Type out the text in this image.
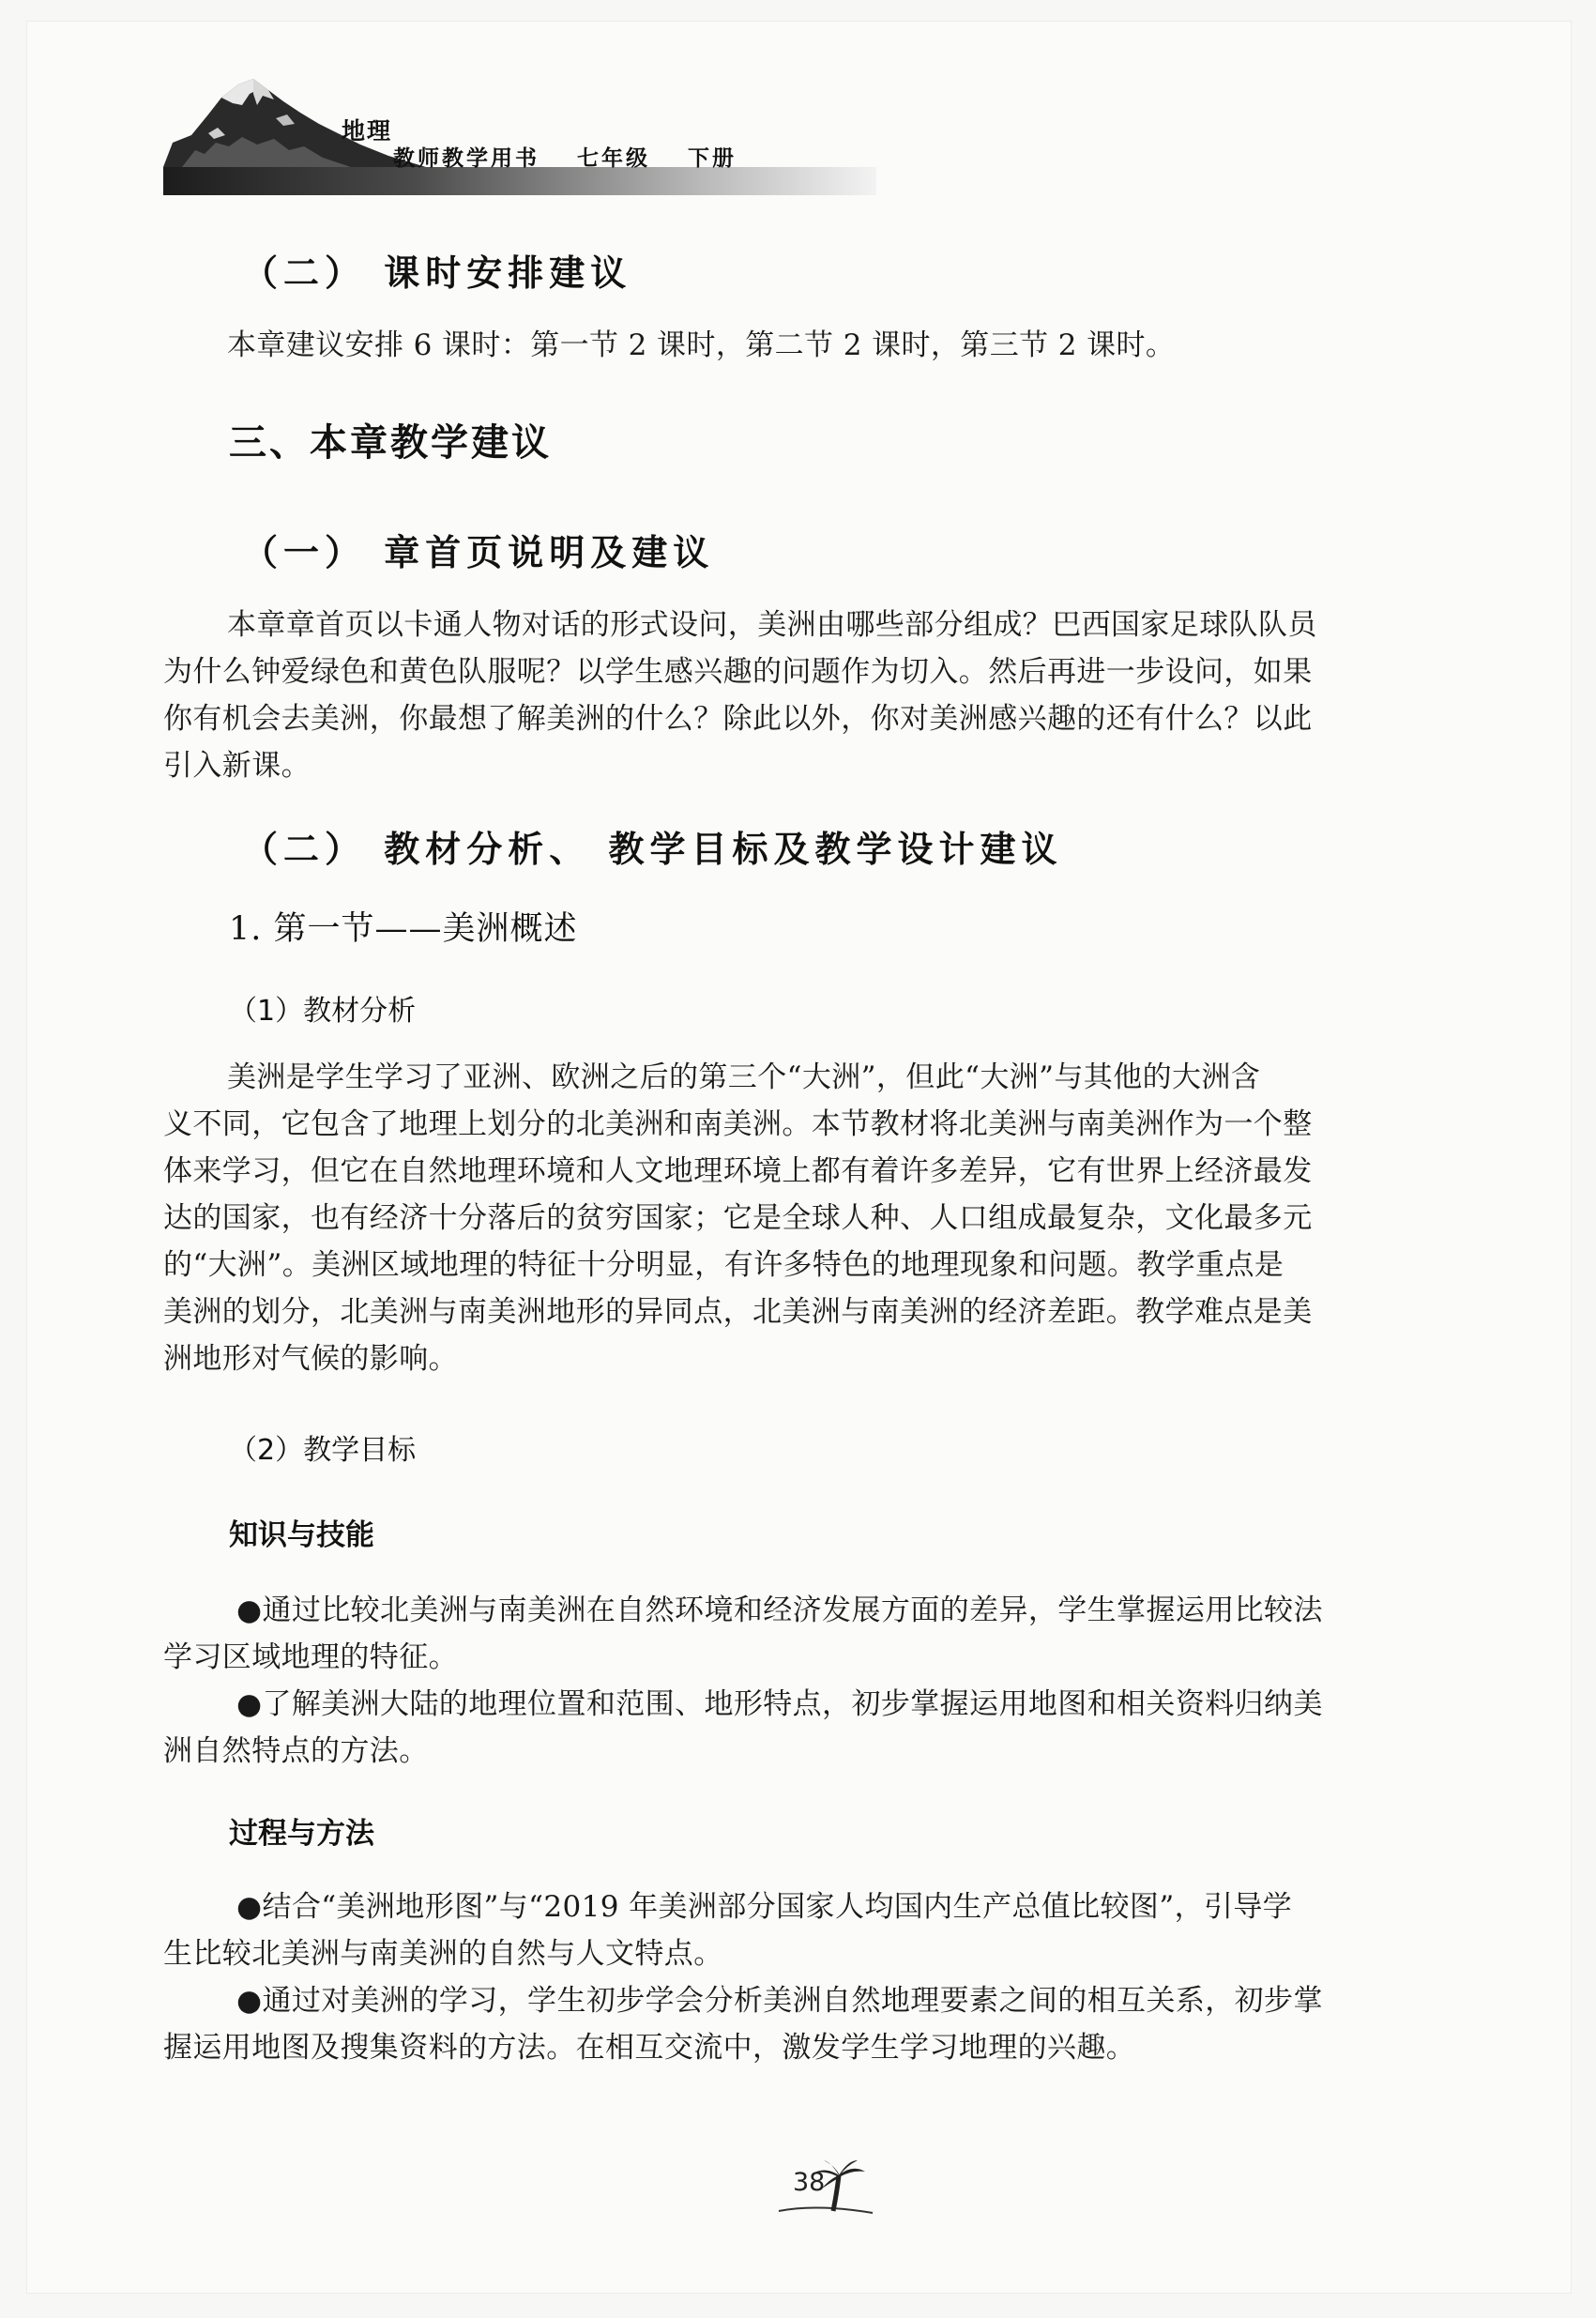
地理
教师教学用书 七年级 下册
（二） 课时安排建议
本章建议安排 6 课时：第一节 2 课时，第二节 2 课时，第三节 2 课时。
三、本章教学建议
（一） 章首页说明及建议
本章章首页以卡通人物对话的形式设问，美洲由哪些部分组成？巴西国家足球队队员
为什么钟爱绿色和黄色队服呢？以学生感兴趣的问题作为切入。然后再进一步设问，如果
你有机会去美洲，你最想了解美洲的什么？除此以外，你对美洲感兴趣的还有什么？以此
引入新课。
（二） 教材分析、 教学目标及教学设计建议
1. 第一节——美洲概述
（1）教材分析
美洲是学生学习了亚洲、欧洲之后的第三个“大洲”，但此“大洲”与其他的大洲含
义不同，它包含了地理上划分的北美洲和南美洲。本节教材将北美洲与南美洲作为一个整
体来学习，但它在自然地理环境和人文地理环境上都有着许多差异，它有世界上经济最发
达的国家，也有经济十分落后的贫穷国家；它是全球人种、人口组成最复杂，文化最多元
的“大洲”。美洲区域地理的特征十分明显，有许多特色的地理现象和问题。教学重点是
美洲的划分，北美洲与南美洲地形的异同点，北美洲与南美洲的经济差距。教学难点是美
洲地形对气候的影响。
（2）教学目标
知识与技能
●通过比较北美洲与南美洲在自然环境和经济发展方面的差异，学生掌握运用比较法
学习区域地理的特征。
●了解美洲大陆的地理位置和范围、地形特点，初步掌握运用地图和相关资料归纳美
洲自然特点的方法。
过程与方法
●结合“美洲地形图”与“2019 年美洲部分国家人均国内生产总值比较图”，引导学
生比较北美洲与南美洲的自然与人文特点。
●通过对美洲的学习，学生初步学会分析美洲自然地理要素之间的相互关系，初步掌
握运用地图及搜集资料的方法。在相互交流中，激发学生学习地理的兴趣。
38
